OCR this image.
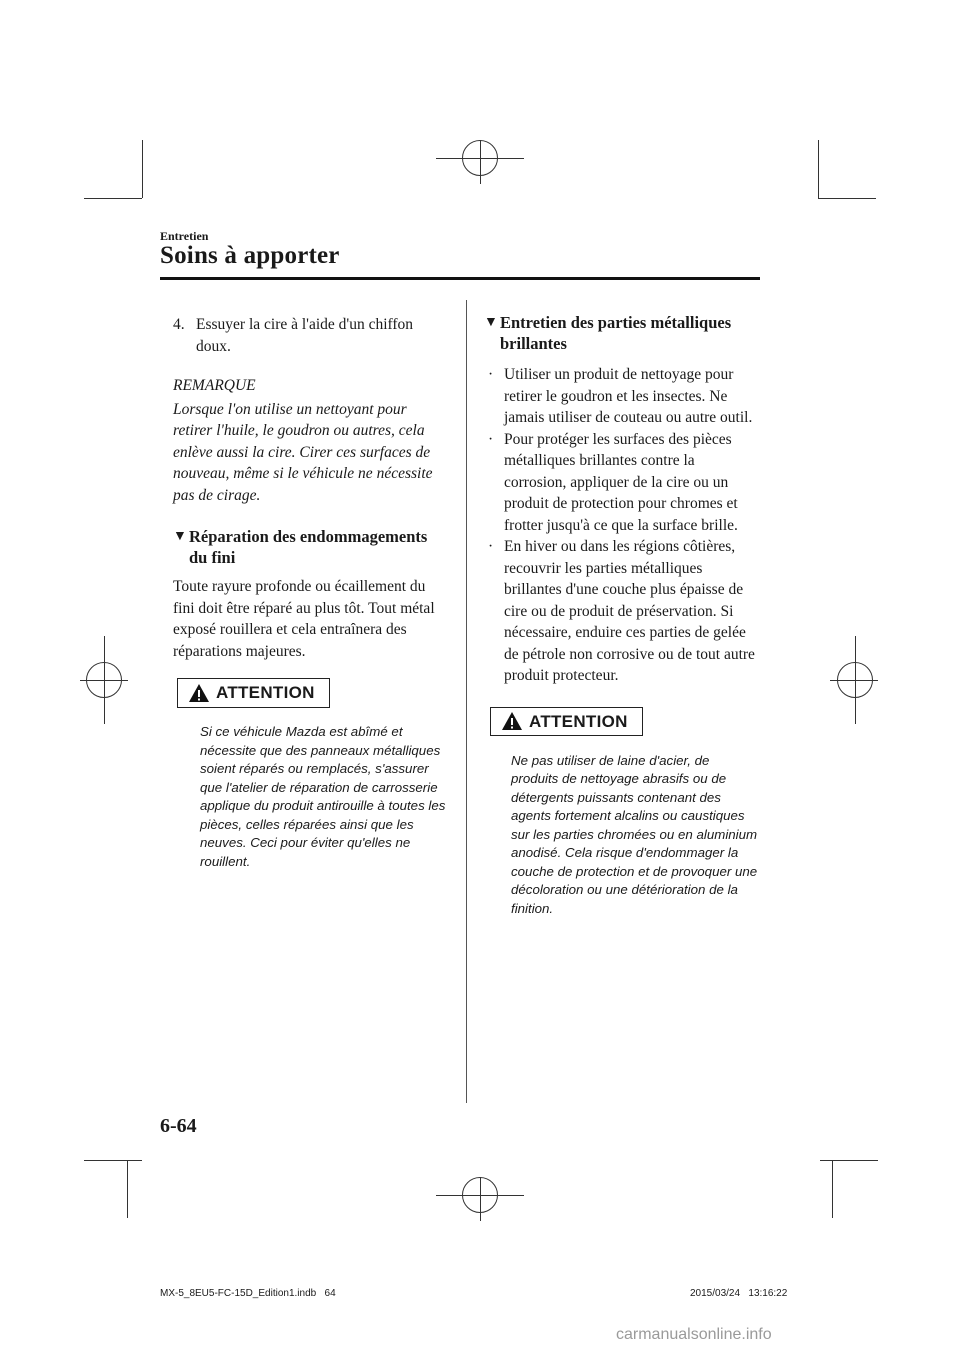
Entretien
Soins à apporter
4. Essuyer la cire à l'aide d'un chiffon doux.
REMARQUE
Lorsque l'on utilise un nettoyant pour retirer l'huile, le goudron ou autres, cela enlève aussi la cire. Cirer ces surfaces de nouveau, même si le véhicule ne nécessite pas de cirage.
▼ Réparation des endommagements du fini
Toute rayure profonde ou écaillement du fini doit être réparé au plus tôt. Tout métal exposé rouillera et cela entraînera des réparations majeures.
ATTENTION
Si ce véhicule Mazda est abîmé et nécessite que des panneaux métalliques soient réparés ou remplacés, s'assurer que l'atelier de réparation de carrosserie applique du produit antirouille à toutes les pièces, celles réparées ainsi que les neuves. Ceci pour éviter qu'elles ne rouillent.
▼ Entretien des parties métalliques brillantes
· Utiliser un produit de nettoyage pour retirer le goudron et les insectes. Ne jamais utiliser de couteau ou autre outil.
· Pour protéger les surfaces des pièces métalliques brillantes contre la corrosion, appliquer de la cire ou un produit de protection pour chromes et frotter jusqu'à ce que la surface brille.
· En hiver ou dans les régions côtières, recouvrir les parties métalliques brillantes d'une couche plus épaisse de cire ou de produit de préservation. Si nécessaire, enduire ces parties de gelée de pétrole non corrosive ou de tout autre produit protecteur.
ATTENTION
Ne pas utiliser de laine d'acier, de produits de nettoyage abrasifs ou de détergents puissants contenant des agents fortement alcalins ou caustiques sur les parties chromées ou en aluminium anodisé. Cela risque d'endommager la couche de protection et de provoquer une décoloration ou une détérioration de la finition.
6-64
MX-5_8EU5-FC-15D_Edition1.indb   64	2015/03/24   13:16:22
carmanualsonline.info
